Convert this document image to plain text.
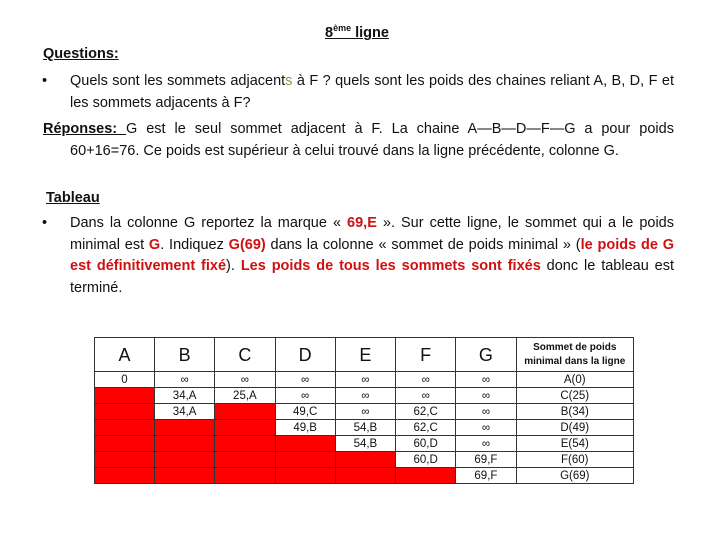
8ème ligne
Questions:
• Quels sont les sommets adjacents à F ? quels sont les poids des chaines reliant A, B, D, F et les sommets adjacents à F?
Réponses: G est le seul sommet adjacent à F. La chaine A—B—D—F—G a pour poids 60+16=76. Ce poids est supérieur à celui trouvé dans la ligne précédente, colonne G.
Tableau
• Dans la colonne G reportez la marque « 69,E ». Sur cette ligne, le sommet qui a le poids minimal est G. Indiquez G(69) dans la colonne « sommet de poids minimal » (le poids de G est définitivement fixé). Les poids de tous les sommets sont fixés donc le tableau est terminé.
A	B	C	D	E	F	G	Sommet de poids minimal dans la ligne
0	∞	∞	∞	∞	∞	∞	A(0)
	34,A	25,A	∞	∞	∞	∞	C(25)
	34,A		49,C	∞	62,C	∞	B(34)
			49,B	54,B	62,C	∞	D(49)
				54,B	60,D	∞	E(54)
					60,D	69,F	F(60)
						69,F	G(69)
